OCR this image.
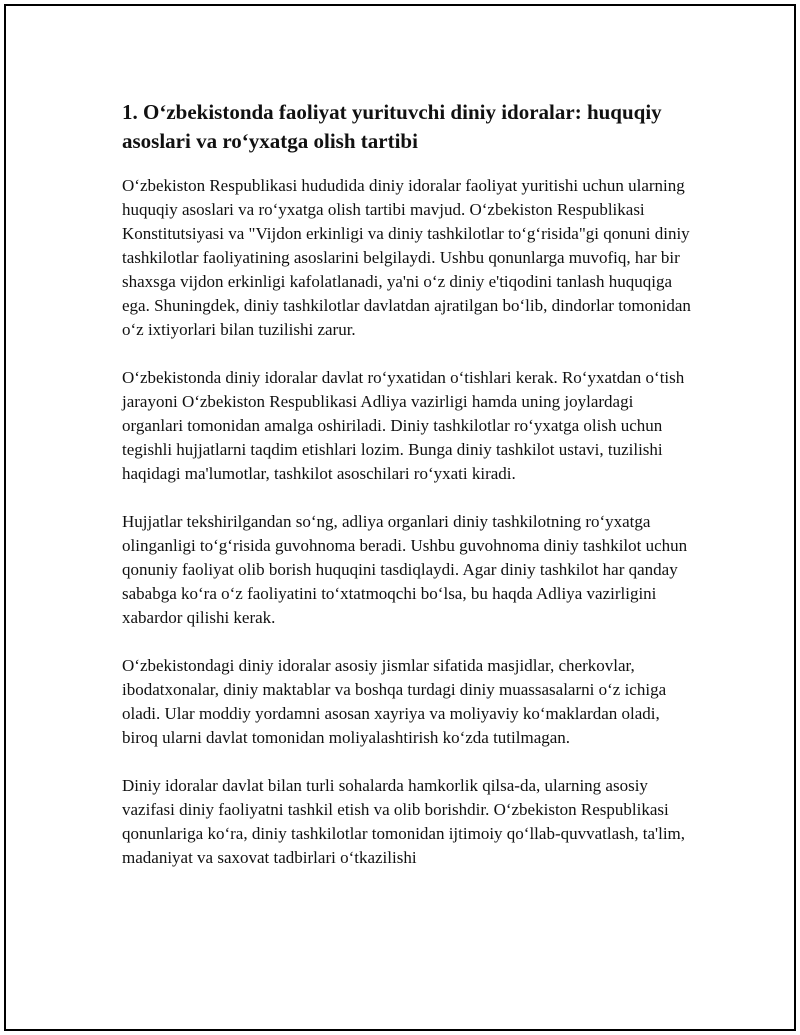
1. O‘zbekistonda faoliyat yurituvchi diniy idoralar: huquqiy asoslari va ro‘yxatga olish tartibi

O‘zbekiston Respublikasi hududida diniy idoralar faoliyat yuritishi uchun ularning huquqiy asoslari va ro‘yxatga olish tartibi mavjud. O‘zbekiston Respublikasi Konstitutsiyasi va "Vijdon erkinligi va diniy tashkilotlar to‘g‘risida"gi qonuni diniy tashkilotlar faoliyatining asoslarini belgilaydi. Ushbu qonunlarga muvofiq, har bir shaxsga vijdon erkinligi kafolatlanadi, ya'ni o‘z diniy e'tiqodini tanlash huquqiga ega. Shuningdek, diniy tashkilotlar davlatdan ajratilgan bo‘lib, dindorlar tomonidan o‘z ixtiyorlari bilan tuzilishi zarur.

O‘zbekistonda diniy idoralar davlat ro‘yxatidan o‘tishlari kerak. Ro‘yxatdan o‘tish jarayoni O‘zbekiston Respublikasi Adliya vazirligi hamda uning joylardagi organlari tomonidan amalga oshiriladi. Diniy tashkilotlar ro‘yxatga olish uchun tegishli hujjatlarni taqdim etishlari lozim. Bunga diniy tashkilot ustavi, tuzilishi haqidagi ma'lumotlar, tashkilot asoschilari ro‘yxati kiradi.

Hujjatlar tekshirilgandan so‘ng, adliya organlari diniy tashkilotning ro‘yxatga olinganligi to‘g‘risida guvohnoma beradi. Ushbu guvohnoma diniy tashkilot uchun qonuniy faoliyat olib borish huquqini tasdiqlaydi. Agar diniy tashkilot har qanday sababga ko‘ra o‘z faoliyatini to‘xtatmoqchi bo‘lsa, bu haqda Adliya vazirligini xabardor qilishi kerak.

O‘zbekistondagi diniy idoralar asosiy jismlar sifatida masjidlar, cherkovlar, ibodatxonalar, diniy maktablar va boshqa turdagi diniy muassasalarni o‘z ichiga oladi. Ular moddiy yordamni asosan xayriya va moliyaviy ko‘maklardan oladi, biroq ularni davlat tomonidan moliyalashtirish ko‘zda tutilmagan.

Diniy idoralar davlat bilan turli sohalarda hamkorlik qilsa-da, ularning asosiy vazifasi diniy faoliyatni tashkil etish va olib borishdir. O‘zbekiston Respublikasi qonunlariga ko‘ra, diniy tashkilotlar tomonidan ijtimoiy qo‘llab-quvvatlash, ta'lim, madaniyat va saxovat tadbirlari o‘tkazilishi
